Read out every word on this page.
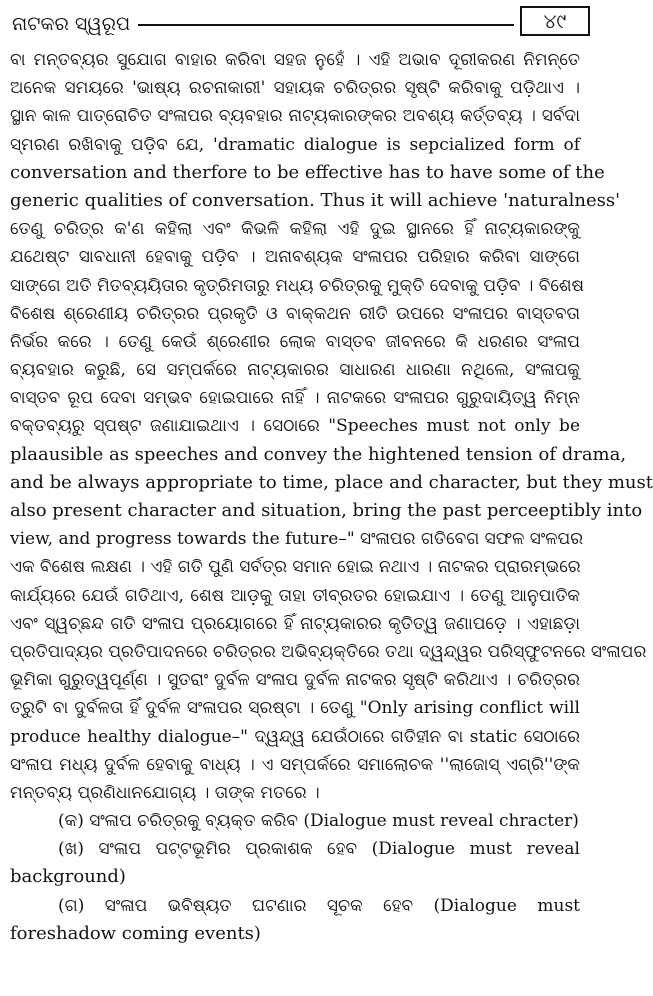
ନାଟକର ସ୍ୱରୂପ	୪୯
ବା ମନ୍ତବ୍ୟର ସୁଯୋଗ ବାହାର କରିବା ସହଜ ନୁହେଁ । ଏହି ଅଭାବ ଦୂରୀକରଣ ନିମନ୍ତେ
ଅନେକ ସମୟରେ 'ଭାଷ୍ୟ ରଚନାକାରୀ' ସହାୟକ ଚରିତ୍ରର ସୃଷ୍ଟି କରିବାକୁ ପଡ଼ିଥାଏ ।
ସ୍ଥାନ କାଳ ପାତ୍ରୋଚିତ ସଂଳାପର ବ୍ୟବହାର ନାଟ୍ୟକାରଙ୍କର ଅବଶ୍ୟ କର୍ତ୍ତବ୍ୟ । ସର୍ବଦା
ସ୍ମରଣ ରଖିବାକୁ ପଡ଼ିବ ଯେ, 'dramatic dialogue is sepcialized form of
conversation and therfore to be effective has to have some of the
generic qualities of conversation. Thus it will achieve 'naturalness'
ତେଣୁ ଚରିତ୍ର କ'ଣ କହିଲା ଏବଂ କିଭଳି କହିଲା ଏହି ଦୁଇ ସ୍ଥାନରେ ହିଁ ନାଟ୍ୟକାରଙ୍କୁ
ଯଥେଷ୍ଟ ସାବଧାନୀ ହେବାକୁ ପଡ଼ିବ । ଅନାବଶ୍ୟକ ସଂଳାପର ପରିହାର କରିବା ସାଙ୍ଗେ
ସାଙ୍ଗେ ଅତି ମିତବ୍ୟୟିତାର କୃତ୍ରିମତାରୁ ମଧ୍ୟ ଚରିତ୍ରକୁ ମୁକ୍ତି ଦେବାକୁ ପଡ଼ିବ । ବିଶେଷ
ବିଶେଷ ଶ୍ରେଣୀୟ ଚରିତ୍ରର ପ୍ରକୃତି ଓ ବାକ୍‌କଥନ ରୀତି ଉପରେ ସଂଳାପର ବାସ୍ତବତା
ନିର୍ଭର କରେ । ତେଣୁ କେଉଁ ଶ୍ରେଣୀର ଲୋକ ବାସ୍ତବ ଜୀବନରେ କି ଧରଣର ସଂଳାପ
ବ୍ୟବହାର କରୁଛି, ସେ ସମ୍ପର୍କରେ ନାଟ୍ୟକାରର ସାଧାରଣ ଧାରଣା ନଥିଲେ, ସଂଳାପକୁ
ବାସ୍ତବ ରୂପ ଦେବା ସମ୍ଭବ ହୋଇପାରେ ନାହିଁ । ନାଟକରେ ସଂଳାପର ଗୁରୁଦାୟିତ୍ୱ ନିମ୍ନ
ବକ୍ତବ୍ୟରୁ ସ୍ପଷ୍ଟ ଜଣାଯାଇଥାଏ । ସେଠାରେ "Speeches must not only be
plaausible as speeches and convey the hightened tension of drama,
and be always appropriate to time, place and character, but they must
also present character and situation, bring the past perceeptibly into
view, and progress towards the future–" ସଂଳାପର ଗତିବେଗ ସଫଳ ସଂଳପର
ଏକ ବିଶେଷ ଲକ୍ଷଣ । ଏହି ଗତି ପୁଣି ସର୍ବତ୍ର ସମାନ ହୋଇ ନଥାଏ । ନାଟକର ପ୍ରାରମ୍ଭରେ
କାର୍ଯ୍ୟରେ ଯେଉଁ ଗତିଥାଏ, ଶେଷ ଆଡ଼କୁ ତାହା ତୀବ୍ରତର ହୋଇଯାଏ । ତେଣୁ ଆନୁପାତିକ
ଏବଂ ସ୍ୱଚ୍ଛନ୍ଦ ଗତି ସଂଳାପ ପ୍ରୟୋଗରେ ହିଁ ନାଟ୍ୟକାରର କୃତିତ୍ୱ ଜଣାପଡ଼େ । ଏହାଛଡ଼ା
ପ୍ରତିପାଦ୍ୟର ପ୍ରତିପାଦନରେ ଚରିତ୍ରର ଅଭିବ୍ୟକ୍ତିରେ ତଥା ଦ୍ୱନ୍ଦ୍ୱର ପରିସ୍ଫୁଟନରେ ସଂଳାପର
ଭୂମିକା ଗୁରୁତ୍ୱପୂର୍ଣ୍ଣ । ସୁତରାଂ ଦୁର୍ବଳ ସଂଳାପ ଦୁର୍ବଳ ନାଟକର ସୃଷ୍ଟି କରିଥାଏ । ଚରିତ୍ରର
ତ୍ରୁଟି ବା ଦୁର୍ବଳତା ହିଁ ଦୁର୍ବଳ ସଂଳାପର ସ୍ରଷ୍ଟା । ତେଣୁ "Only arising conflict will
produce healthy dialogue–" ଦ୍ୱନ୍ଦ୍ୱ ଯେଉଁଠାରେ ଗତିହୀନ ବା static ସେଠାରେ
ସଂଳାପ ମଧ୍ୟ ଦୁର୍ବଳ ହେବାକୁ ବାଧ୍ୟ । ଏ ସମ୍ପର୍କରେ ସମାଲୋଚକ ''ଲାଜୋସ୍ ଏଗ୍ରି''ଙ୍କ
ମନ୍ତବ୍ୟ ପ୍ରଣିଧାନଯୋଗ୍ୟ । ତାଙ୍କ ମତରେ ।
(କ) ସଂଳାପ ଚରିତ୍ରକୁ ବ୍ୟକ୍ତ କରିବ (Dialogue must reveal chracter)
(ଖ) ସଂଳାପ ପଟ୍ଟଭୂମିର ପ୍ରକାଶକ ହେବ (Dialogue must reveal
background)
(ଗ) ସଂଳାପ ଭବିଷ୍ୟତ ଘଟଣାର ସୂଚକ ହେବ (Dialogue must
foreshadow coming events)
